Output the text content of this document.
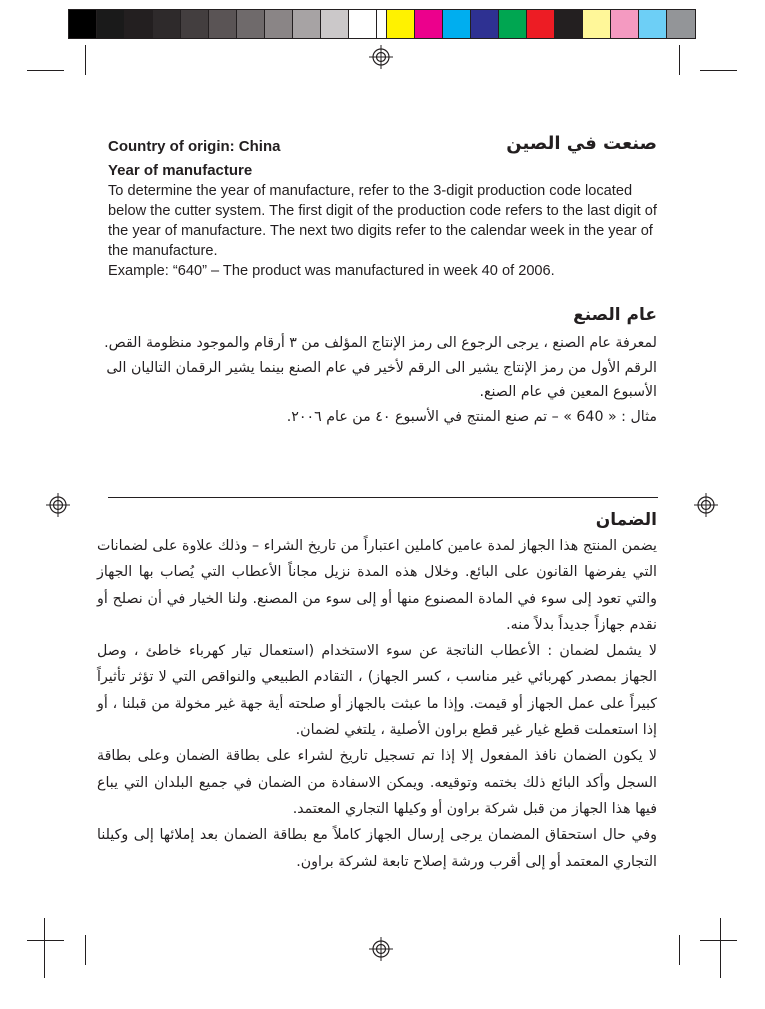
Country of origin: China	صنعت في الصين
Year of manufacture

To determine the year of manufacture, refer to the 3-digit production code located below the cutter system. The first digit of the production code refers to the last digit of the year of manufacture. The next two digits refer to the calendar week in the year of the manufacture.

Example: “640” – The product was manufactured in week 40 of 2006.

عام الصنع

لمعرفة عام الصنع ، يرجى الرجوع الى رمز الإنتاج المؤلف من ٣ أرقام والموجود منظومة القص.

الرقم الأول من رمز الإنتاج يشير الى الرقم لأخير في عام الصنع بينما يشير الرقمان التاليان الى الأسبوع المعين في عام الصنع.

مثال : « 640 » – تم صنع المنتج في الأسبوع ٤٠ من عام ٢٠٠٦.

الضمان

يضمن المنتج هذا الجهاز لمدة عامين كاملين اعتباراً من تاريخ الشراء – وذلك علاوة على لضمانات التي يفرضها القانون على البائع. وخلال هذه المدة نزيل مجاناً الأعطاب التي يُصاب بها الجهاز والتي تعود إلى سوء في المادة المصنوع منها أو إلى سوء من المصنع. ولنا الخيار في أن نصلح أو نقدم جهازاً جديداً بدلاً منه.

لا يشمل لضمان : الأعطاب الناتجة عن سوء الاستخدام (استعمال تيار كهرباء خاطئ ، وصل الجهاز بمصدر كهربائي غير مناسب ، كسر الجهاز) ، التقادم الطبيعي والنواقص التي لا تؤثر تأثيراً كبيراً على عمل الجهاز أو قيمت. وإذا ما عبثت بالجهاز أو صلحته أية جهة غير مخولة من قبلنا ، أو إذا استعملت قطع غيار غير قطع براون الأصلية ، يلتغي لضمان.

لا يكون الضمان نافذ المفعول إلا إذا تم تسجيل تاريخ لشراء على بطاقة الضمان وعلى بطاقة السجل وأكد البائع ذلك بختمه وتوقيعه. ويمكن الاسفادة من الضمان في جميع البلدان التي يباع فيها هذا الجهاز من قبل شركة براون أو وكيلها التجاري المعتمد.

وفي حال استحقاق المضمان يرجى إرسال الجهاز كاملاً مع بطاقة الضمان بعد إملائها إلى وكيلنا التجاري المعتمد أو إلى أقرب ورشة إصلاح تابعة لشركة براون.
